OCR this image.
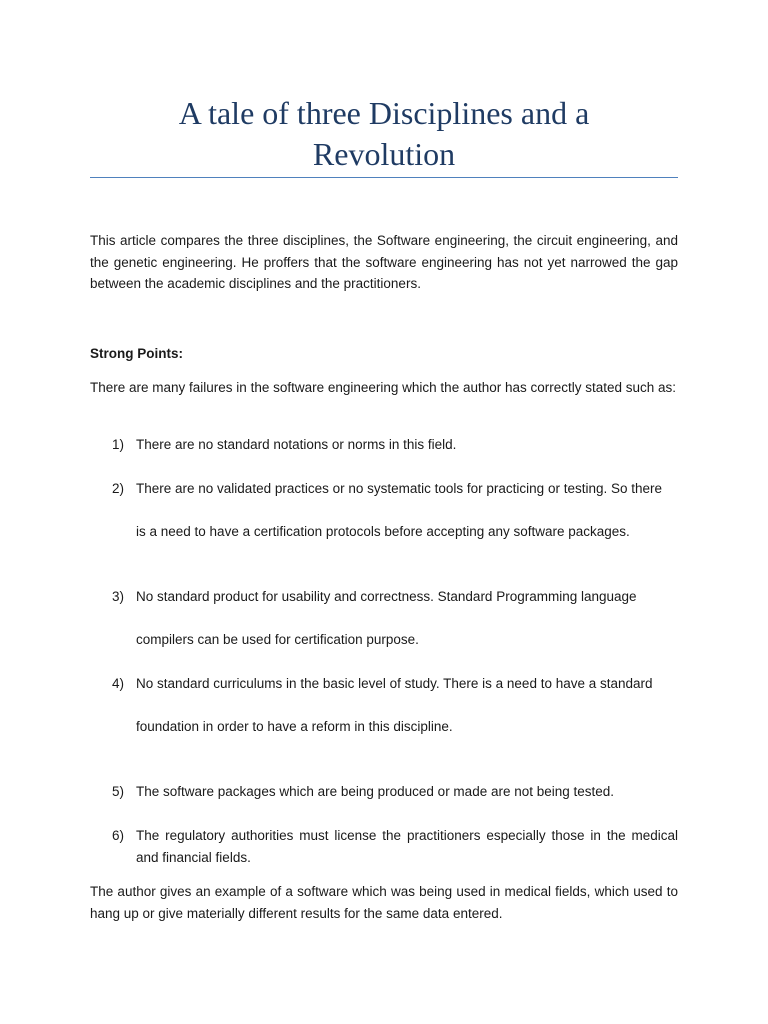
A tale of three Disciplines and a
Revolution

This article compares the three disciplines, the Software engineering, the circuit engineering, and the genetic engineering. He proffers that the software engineering has not yet narrowed the gap between the academic disciplines and the practitioners.

Strong Points:

There are many failures in the software engineering which the author has correctly stated such as:

1) There are no standard notations or norms in this field.
2) There are no validated practices or no systematic tools for practicing or testing. So there
is a need to have a certification protocols before accepting any software packages.
3) No standard product for usability and correctness. Standard Programming language
compilers can be used for certification purpose.
4) No standard curriculums in the basic level of study. There is a need to have a standard
foundation in order to have a reform in this discipline.
5) The software packages which are being produced or made are not being tested.
6) The regulatory authorities must license the practitioners especially those in the medical and financial fields.

The author gives an example of a software which was being used in medical fields, which used to hang up or give materially different results for the same data entered.
